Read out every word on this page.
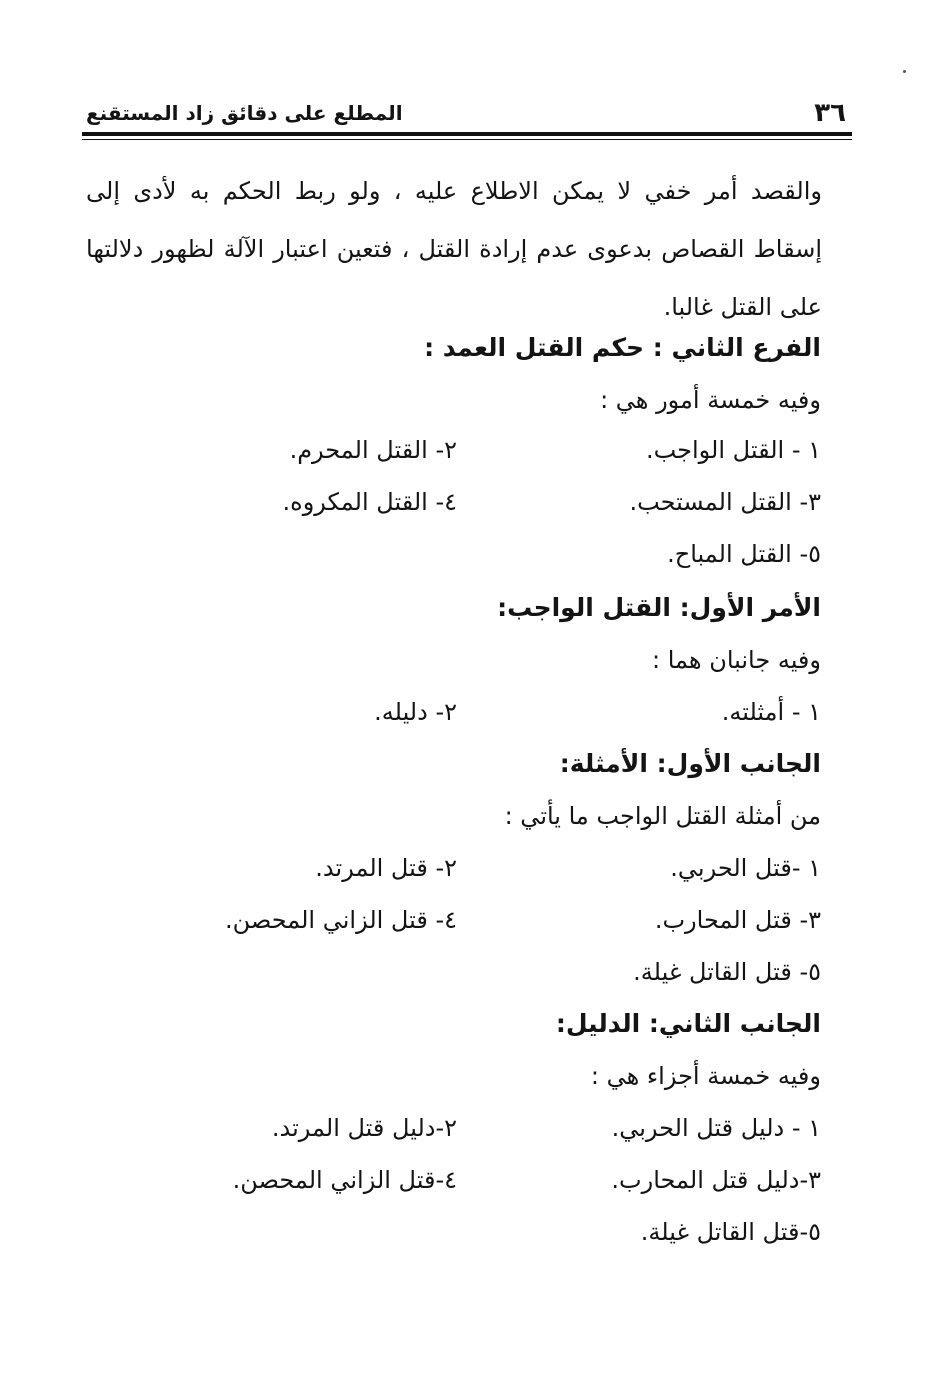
٣٦
المطلع على دقائق زاد المستقنع

والقصد أمر خفي لا يمكن الاطلاع عليه ، ولو ربط الحكم به لأدى إلى إسقاط القصاص بدعوى عدم إرادة القتل ، فتعين اعتبار الآلة لظهور دلالتها على القتل غالبا.

الفرع الثاني : حكم القتل العمد :
وفيه خمسة أمور هي :
١ - القتل الواجب.
٢- القتل المحرم.
٣- القتل المستحب.
٤- القتل المكروه.
٥- القتل المباح.
الأمر الأول: القتل الواجب:
وفيه جانبان هما :
١ - أمثلته.
٢- دليله.
الجانب الأول: الأمثلة:
من أمثلة القتل الواجب ما يأتي :
١ -قتل الحربي.
٢- قتل المرتد.
٣- قتل المحارب.
٤- قتل الزاني المحصن.
٥- قتل القاتل غيلة.
الجانب الثاني: الدليل:
وفيه خمسة أجزاء هي :
١ - دليل قتل الحربي.
٢-دليل قتل المرتد.
٣-دليل قتل المحارب.
٤-قتل الزاني المحصن.
٥-قتل القاتل غيلة.
